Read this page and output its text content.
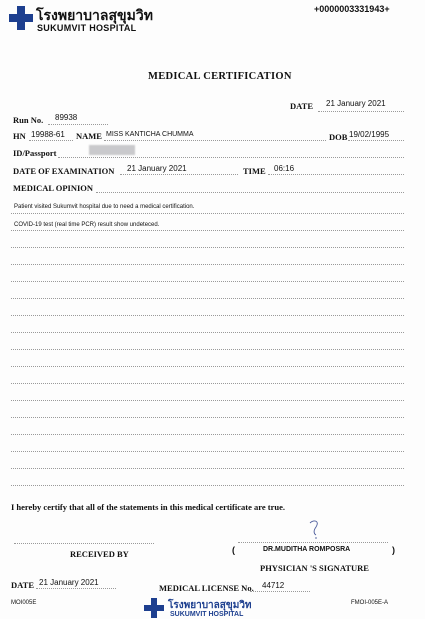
โรงพยาบาลสุขุมวิท
SUKUMVIT HOSPITAL
+0000003331943+
MEDICAL CERTIFICATION
DATE 21 January 2021
Run No. 89938
HN 19988-61 NAME MISS KANTICHA CHUMMA	DOB 19/02/1995
ID/Passport
DATE OF EXAMINATION 21 January 2021	TIME 06:16
MEDICAL OPINION
Patient visited Sukumvit hospital due to need a medical certification.
COVID-19 test (real time PCR) result show undeteced.
I hereby certify that all of the statements in this medical certificate are true.
RECEIVED BY	(	DR.MUDITHA ROMPOSRA	)
PHYSICIAN 'S SIGNATURE
DATE 21 January 2021
MEDICAL LICENSE No. 44712
MOI005E	FMOI-005E-A
โรงพยาบาลสุขุมวิท
SUKUMVIT HOSPITAL
